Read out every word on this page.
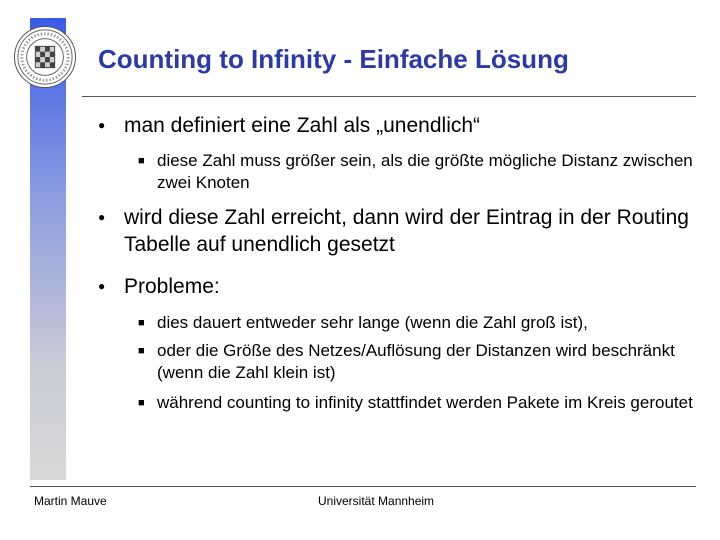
Counting to Infinity - Einfache Lösung
● man definiert eine Zahl als „unendlich“
■ diese Zahl muss größer sein, als die größte mögliche Distanz zwischen zwei Knoten
● wird diese Zahl erreicht, dann wird der Eintrag in der Routing Tabelle auf unendlich gesetzt
● Probleme:
■ dies dauert entweder sehr lange (wenn die Zahl groß ist),
■ oder die Größe des Netzes/Auflösung der Distanzen wird beschränkt (wenn die Zahl klein ist)
■ während counting to infinity stattfindet werden Pakete im Kreis geroutet
Martin Mauve	Universität Mannheim
